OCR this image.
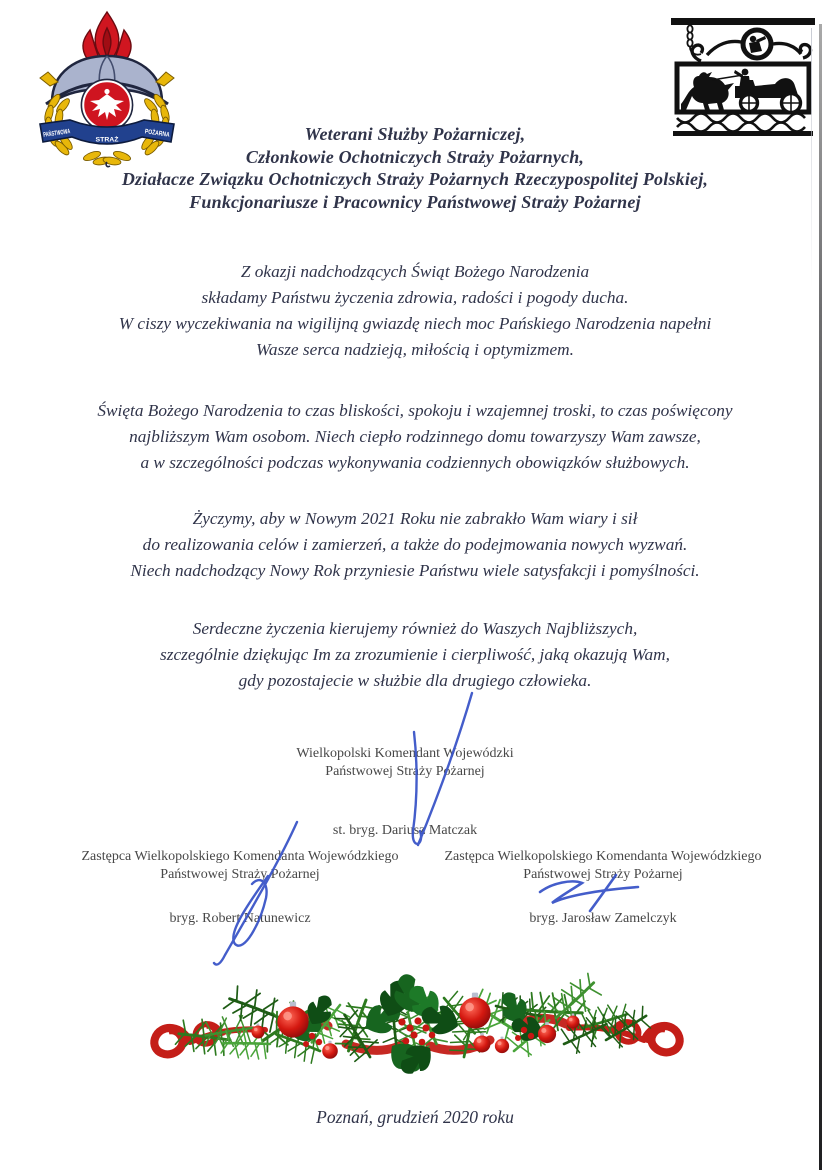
PAŃSTWOWA
STRAŻ
POŻARNA	Weterani Służby Pożarniczej,
Członkowie Ochotniczych Straży Pożarnych,
Działacze Związku Ochotniczych Straży Pożarnych Rzeczypospolitej Polskiej,
Funkcjonariusze i Pracownicy Państwowej Straży Pożarnej
Z okazji nadchodzących Świąt Bożego Narodzenia
składamy Państwu życzenia zdrowia, radości i pogody ducha.
W ciszy wyczekiwania na wigilijną gwiazdę niech moc Pańskiego Narodzenia napełni
Wasze serca nadzieją, miłością i optymizmem.
Święta Bożego Narodzenia to czas bliskości, spokoju i wzajemnej troski, to czas poświęcony
najbliższym Wam osobom. Niech ciepło rodzinnego domu towarzyszy Wam zawsze,
a w szczególności podczas wykonywania codziennych obowiązków służbowych.
Życzymy, aby w Nowym 2021 Roku nie zabrakło Wam wiary i sił
do realizowania celów i zamierzeń, a także do podejmowania nowych wyzwań.
Niech nadchodzący Nowy Rok przyniesie Państwu wiele satysfakcji i pomyślności.
Serdeczne życzenia kierujemy również do Waszych Najbliższych,
szczególnie dziękując Im za zrozumienie i cierpliwość, jaką okazują Wam,
gdy pozostajecie w służbie dla drugiego człowieka.
Wielkopolski Komendant Wojewódzki
Państwowej Straży Pożarnej
st. bryg. Dariusz Matczak
Zastępca Wielkopolskiego Komendanta Wojewódzkiego
Państwowej Straży Pożarnej
bryg. Robert Natunewicz
Zastępca Wielkopolskiego Komendanta Wojewódzkiego
Państwowej Straży Pożarnej
bryg. Jarosław Zamelczyk
Poznań, grudzień 2020 roku
